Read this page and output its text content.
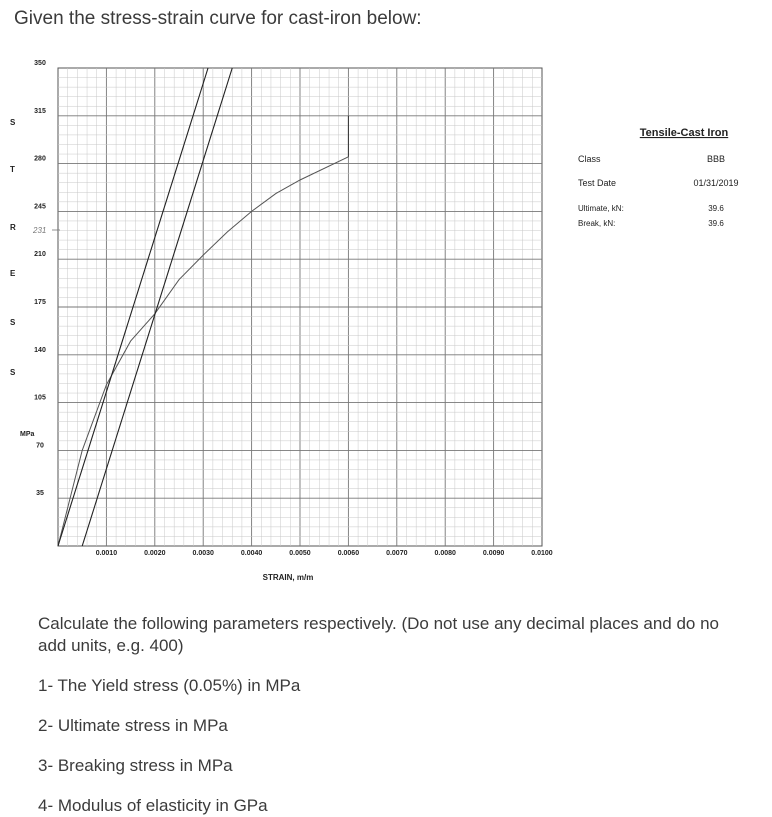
Given the stress-strain curve for cast-iron below:
0.0010	0.0020	0.0030	0.0040	0.0050	0.0060	0.0070	0.0080	0.0090	0.0100
35
70
105
140
175
210
245
280
315
350
S
T
R
E
S
S
MPa
STRAIN, m/m
231
Tensile-Cast Iron
Class	BBB
Test Date	01/31/2019
Ultimate, kN:	39.6
Break, kN:	39.6

Calculate the following parameters respectively. (Do not use any decimal places and do no add units, e.g. 400)

1- The Yield stress (0.05%) in MPa
2- Ultimate stress in MPa
3- Breaking stress in MPa
4- Modulus of elasticity in GPa
